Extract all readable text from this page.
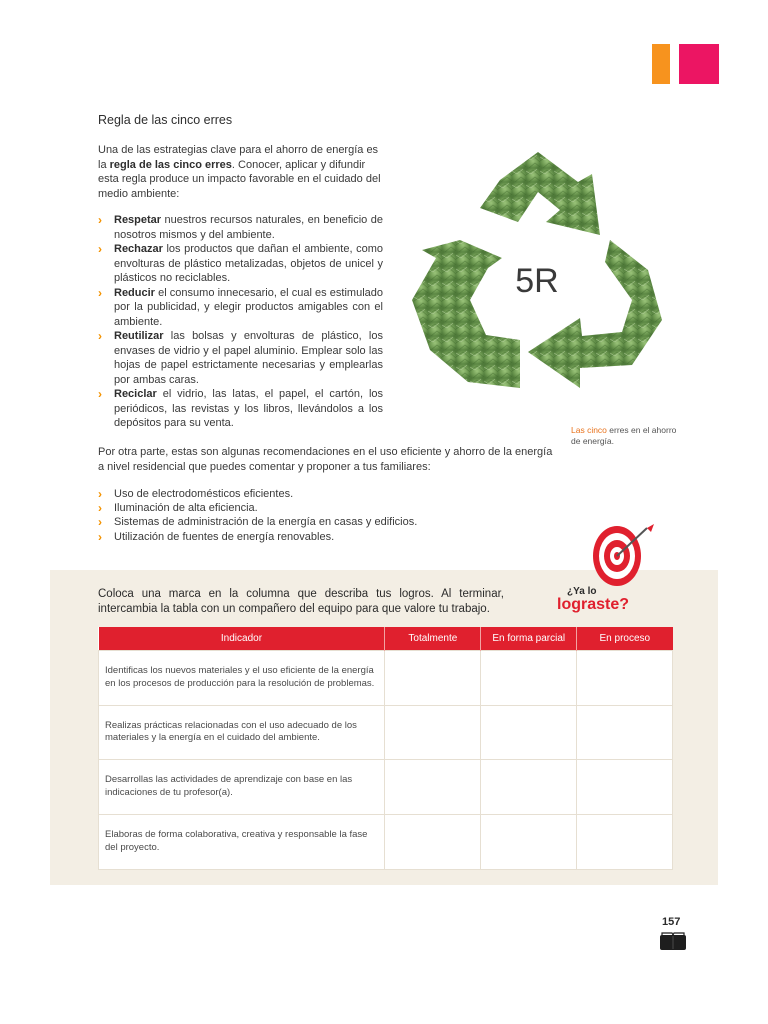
Regla de las cinco erres

Una de las estrategias clave para el ahorro de energía es la regla de las cinco erres. Conocer, aplicar y difundir esta regla produce un impacto favorable en el cuidado del medio ambiente:

› Respetar nuestros recursos naturales, en beneficio de nosotros mismos y del ambiente.
› Rechazar los productos que dañan el ambiente, como envolturas de plástico metalizadas, objetos de unicel y plásticos no reciclables.
› Reducir el consumo innecesario, el cual es estimulado por la publicidad, y elegir productos amigables con el ambiente.
› Reutilizar las bolsas y envolturas de plástico, los envases de vidrio y el papel aluminio. Emplear solo las hojas de papel estrictamente necesarias y emplearlas por ambas caras.
› Reciclar el vidrio, las latas, el papel, el cartón, los periódicos, las revistas y los libros, llevándolos a los depósitos para su venta.
5R
Las cinco erres en el ahorro de energía.

Por otra parte, estas son algunas recomendaciones en el uso eficiente y ahorro de la energía a nivel residencial que puedes comentar y proponer a tus familiares:

› Uso de electrodomésticos eficientes.
› Iluminación de alta eficiencia.
› Sistemas de administración de la energía en casas y edificios.
› Utilización de fuentes de energía renovables.

Coloca una marca en la columna que describa tus logros. Al terminar, intercambia la tabla con un compañero del equipo para que valore tu trabajo.

¿Ya lo
lograste?
Indicador	Totalmente	En forma parcial	En proceso
Identificas los nuevos materiales y el uso eficiente de la energía en los procesos de producción para la resolución de problemas.			
Realizas prácticas relacionadas con el uso adecuado de los materiales y la energía en el cuidado del ambiente.			
Desarrollas las actividades de aprendizaje con base en las indicaciones de tu profesor(a).			
Elaboras de forma colaborativa, creativa y responsable la fase del proyecto.			
157
